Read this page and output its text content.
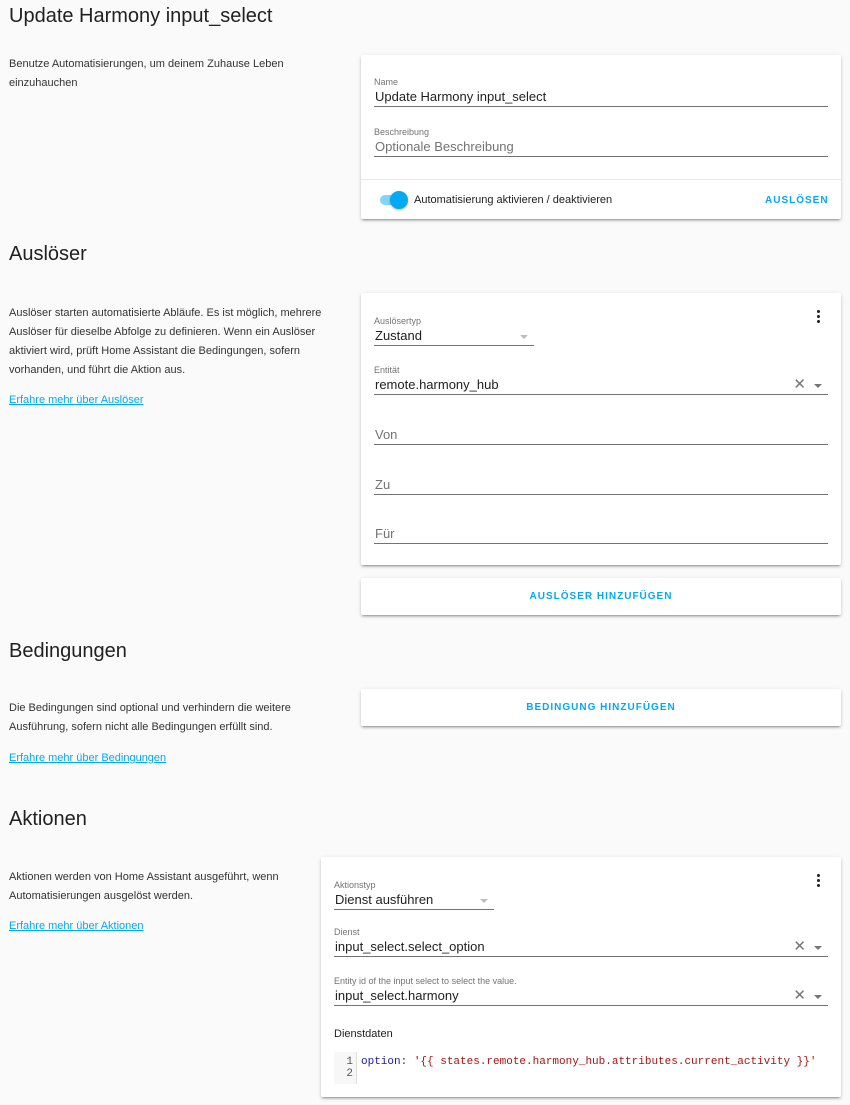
Update Harmony input_select
Benutze Automatisierungen, um deinem Zuhause Leben einzuhauchen	Name
Update Harmony input_select
Beschreibung
Optionale Beschreibung
Automatisierung aktivieren / deaktivieren	AUSLÖSEN
Auslöser
Auslöser starten automatisierte Abläufe. Es ist möglich, mehrere Auslöser für dieselbe Abfolge zu definieren. Wenn ein Auslöser aktiviert wird, prüft Home Assistant die Bedingungen, sofern vorhanden, und führt die Aktion aus.
Erfahre mehr über Auslöser
Auslösertyp
Zustand
Entität
remote.harmony_hub	✕
Von
Zu
Für
AUSLÖSER HINZUFÜGEN
Bedingungen
Die Bedingungen sind optional und verhindern die weitere Ausführung, sofern nicht alle Bedingungen erfüllt sind.
Erfahre mehr über Bedingungen
BEDINGUNG HINZUFÜGEN
Aktionen
Aktionen werden von Home Assistant ausgeführt, wenn Automatisierungen ausgelöst werden.
Erfahre mehr über Aktionen
Aktionstyp
Dienst ausführen
Dienst
input_select.select_option	✕
Entity id of the input select to select the value.
input_select.harmony	✕
Dienstdaten
1
2
option: '{{ states.remote.harmony_hub.attributes.current_activity }}'
